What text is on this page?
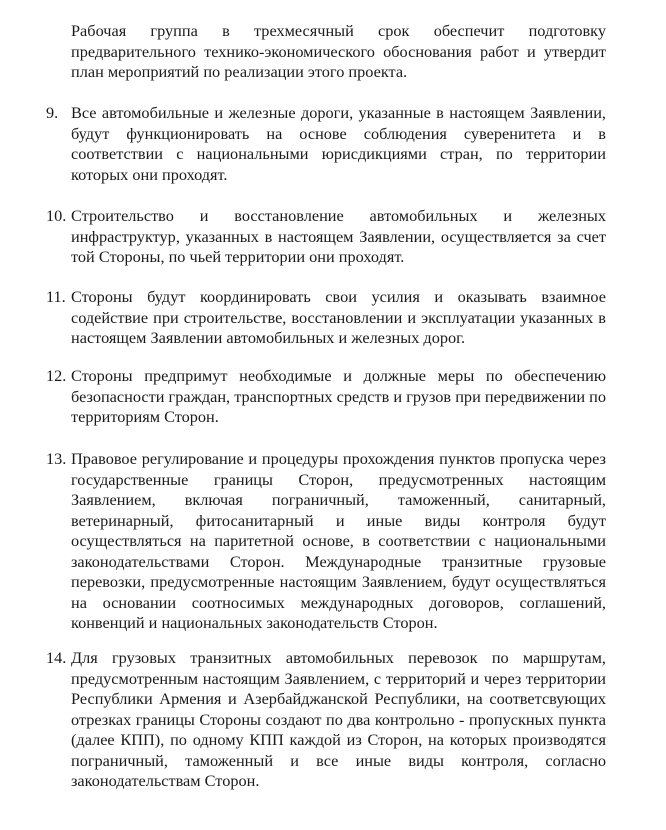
Рабочая группа в трехмесячный срок обеспечит подготовку предварительного технико-экономического обоснования работ и утвердит план мероприятий по реализации этого проекта.
9. Все автомобильные и железные дороги, указанные в настоящем Заявлении, будут функционировать на основе соблюдения суверенитета и в соответствии с национальными юрисдикциями стран, по территории которых они проходят.
10. Строительство и восстановление автомобильных и железных инфраструктур, указанных в настоящем Заявлении, осуществляется за счет той Стороны, по чьей территории они проходят.
11. Стороны будут координировать свои усилия и оказывать взаимное содействие при строительстве, восстановлении и эксплуатации указанных в настоящем Заявлении автомобильных и железных дорог.
12. Стороны предпримут необходимые и должные меры по обеспечению безопасности граждан, транспортных средств и грузов при передвижении по территориям Сторон.
13. Правовое регулирование и процедуры прохождения пунктов пропуска через государственные границы Сторон, предусмотренных настоящим Заявлением, включая пограничный, таможенный, санитарный, ветеринарный, фитосанитарный и иные виды контроля будут осуществляться на паритетной основе, в соответствии с национальными законодательствами Сторон. Международные транзитные грузовые перевозки, предусмотренные настоящим Заявлением, будут осуществляться на основании соотносимых международных договоров, соглашений, конвенций и национальных законодательств Сторон.
14. Для грузовых транзитных автомобильных перевозок по маршрутам, предусмотренным настоящим Заявлением, с территорий и через территории Республики Армения и Азербайджанской Республики, на соответсвующих отрезках границы Стороны создают по два контрольно - пропускных пункта (далее КПП), по одному КПП каждой из Сторон, на которых производятся пограничный, таможенный и все иные виды контроля, согласно законодательствам Сторон.
